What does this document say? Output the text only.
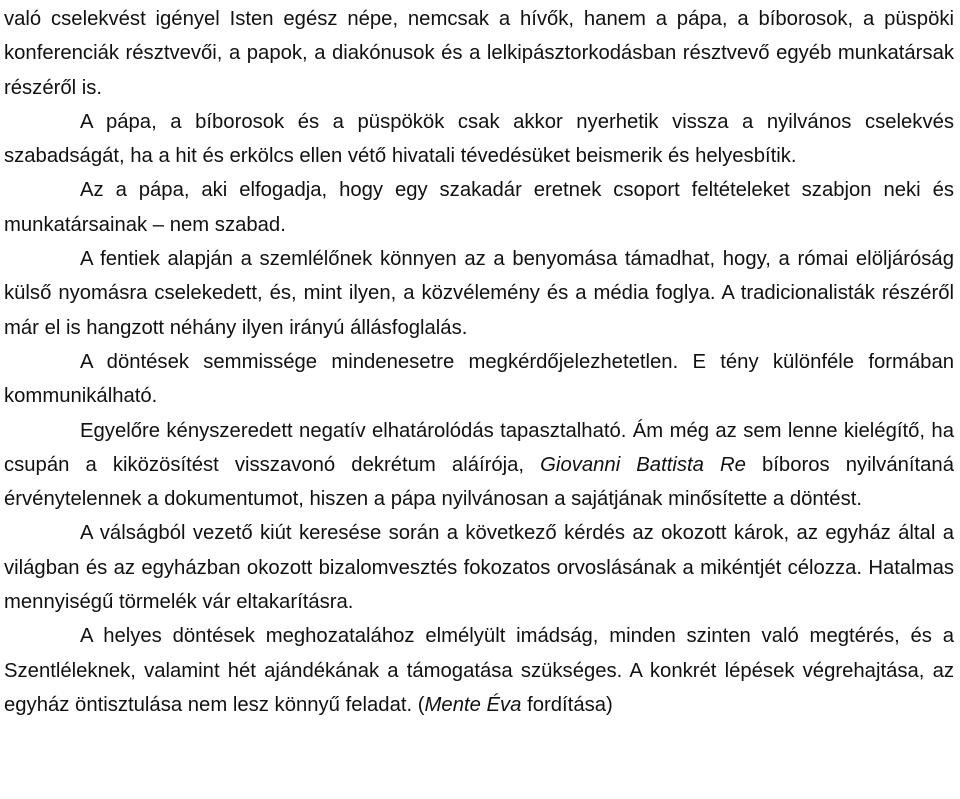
való cselekvést igényel Isten egész népe, nemcsak a hívők, hanem a pápa, a bíborosok, a püspöki konferenciák résztvevői, a papok, a diakónusok és a lelkipásztorkodásban résztvevő egyéb munkatársak részéről is.

A pápa, a bíborosok és a püspökök csak akkor nyerhetik vissza a nyilvános cselekvés szabadságát, ha a hit és erkölcs ellen vétő hivatali tévedésüket beismerik és helyesbítik.

Az a pápa, aki elfogadja, hogy egy szakadár eretnek csoport feltételeket szabjon neki és munkatársainak – nem szabad.

A fentiek alapján a szemlélőnek könnyen az a benyomása támadhat, hogy, a római elöljáróság külső nyomásra cselekedett, és, mint ilyen, a közvélemény és a média foglya. A tradicionalisták részéről már el is hangzott néhány ilyen irányú állásfoglalás.

A döntések semmissége mindenesetre megkérdőjelezhetetlen. E tény különféle formában kommunikálható.

Egyelőre kényszeredett negatív elhatárolódás tapasztalható. Ám még az sem lenne kielégítő, ha csupán a kiközösítést visszavonó dekrétum aláírója, Giovanni Battista Re bíboros nyilvánítaná érvénytelennek a dokumentumot, hiszen a pápa nyilvánosan a sajátjának minősítette a döntést.

A válságból vezető kiút keresése során a következő kérdés az okozott károk, az egyház által a világban és az egyházban okozott bizalomvesztés fokozatos orvoslásának a mikéntjét célozza. Hatalmas mennyiségű törmelék vár eltakarításra.

A helyes döntések meghozatalához elmélyült imádság, minden szinten való megtérés, és a Szentléleknek, valamint hét ajándékának a támogatása szükséges. A konkrét lépések végrehajtása, az egyház öntisztulása nem lesz könnyű feladat. (Mente Éva fordítása)
